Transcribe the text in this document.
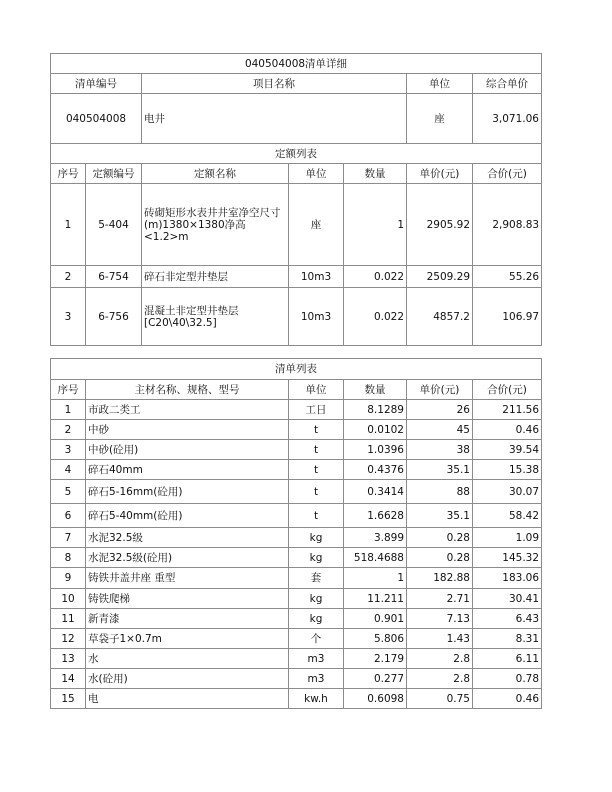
040504008清单详细			
清单编号	项目名称	单位	综合单价
040504008	电井	座	3,071.06
定额列表						
序号	定额编号	定额名称	单位	数量	单价(元)	合价(元)
1	5-404	砖砌矩形水表井井室净空尺寸(m)1380×1380净高<1.2>m	座	1	2905.92	2,908.83
2	6-754	碎石非定型井垫层	10m3	0.022	2509.29	55.26
3	6-756	混凝土非定型井垫层[C20\40\32.5]	10m3	0.022	4857.2	106.97
清单列表					
序号	主材名称、规格、型号	单位	数量	单价(元)	合价(元)
1	市政二类工	工日	8.1289	26	211.56
2	中砂	t	0.0102	45	0.46
3	中砂(砼用)	t	1.0396	38	39.54
4	碎石40mm	t	0.4376	35.1	15.38
5	碎石5-16mm(砼用)	t	0.3414	88	30.07
6	碎石5-40mm(砼用)	t	1.6628	35.1	58.42
7	水泥32.5级	kg	3.899	0.28	1.09
8	水泥32.5级(砼用)	kg	518.4688	0.28	145.32
9	铸铁井盖井座 重型	套	1	182.88	183.06
10	铸铁爬梯	kg	11.211	2.71	30.41
11	新青漆	kg	0.901	7.13	6.43
12	草袋子1×0.7m	个	5.806	1.43	8.31
13	水	m3	2.179	2.8	6.11
14	水(砼用)	m3	0.277	2.8	0.78
15	电	kw.h	0.6098	0.75	0.46
